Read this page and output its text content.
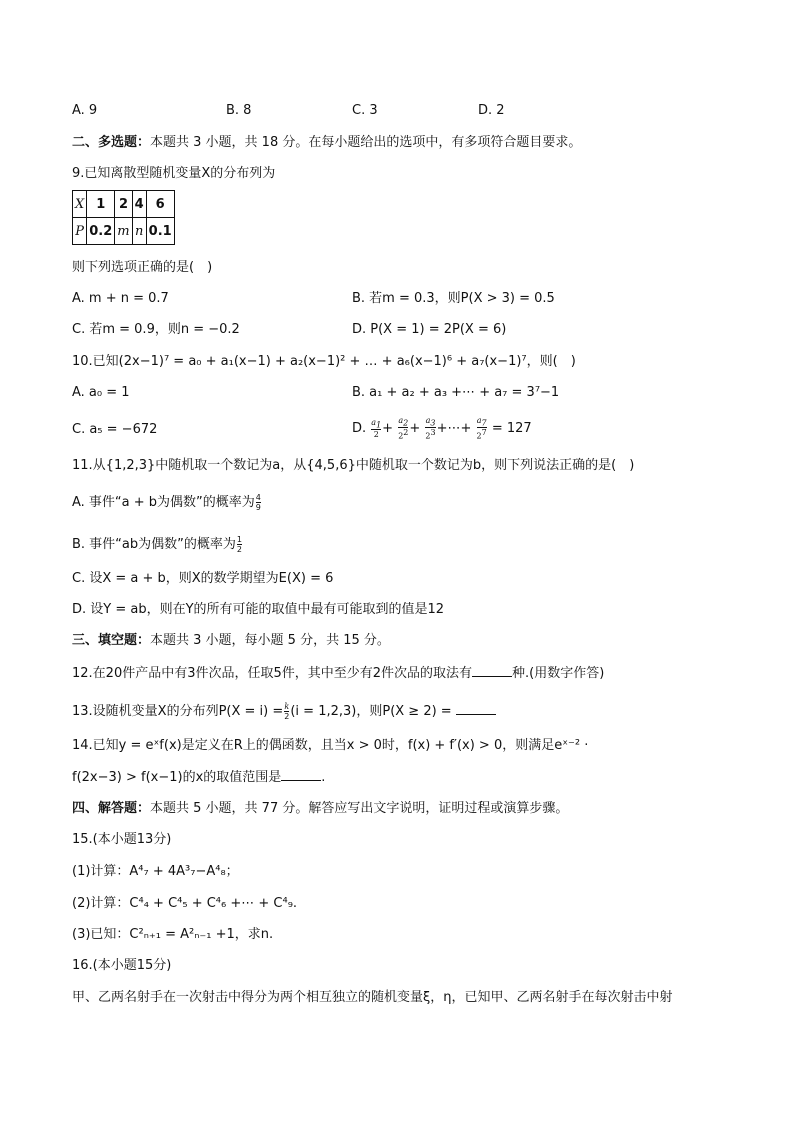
A. 9	B. 8	C. 3	D. 2
二、多选题：本题共 3 小题，共 18 分。在每小题给出的选项中，有多项符合题目要求。
9.已知离散型随机变量X的分布列为
X	1	2	4	6
P	0.2	m	n	0.1
则下列选项正确的是(　)
A. m + n = 0.7	B. 若m = 0.3，则P(X > 3) = 0.5
C. 若m = 0.9，则n = −0.2	D. P(X = 1) = 2P(X = 6)
10.已知(2x−1)⁷ = a₀ + a₁(x−1) + a₂(x−1)² + … + a₆(x−1)⁶ + a₇(x−1)⁷，则(　)
A. a₀ = 1	B. a₁ + a₂ + a₃ +⋯ + a₇ = 3⁷−1
C. a₅ = −672	D. $\frac{a_1}{2} + \frac{a_2}{2^2} + \frac{a_3}{2^3}$ +⋯+ $\frac{a_7}{2^7} = 127$
11.从{1,2,3}中随机取一个数记为a，从{4,5,6}中随机取一个数记为b，则下列说法正确的是(　)
A. 事件“a + b为偶数”的概率为 $\frac{4}{9}$
B. 事件“ab为偶数”的概率为 $\frac{1}{2}$
C. 设X = a + b，则X的数学期望为E(X) = 6
D. 设Y = ab，则在Y的所有可能的取值中最有可能取到的值是12
三、填空题：本题共 3 小题，每小题 5 分，共 15 分。
12.在20件产品中有3件次品，任取5件，其中至少有2件次品的取法有	种.(用数字作答)
13.设随机变量X的分布列$P(X = i) = \frac{k}{2} (i = 1,2,3)$，则P(X ≥ 2) =
14.已知y = eˣf(x)是定义在R上的偶函数，且当x > 0时，f(x) + f′(x) > 0，则满足eˣ⁻² ·
f(2x−3) > f(x−1)的x的取值范围是	.
四、解答题：本题共 5 小题，共 77 分。解答应写出文字说明，证明过程或演算步骤。
15.(本小题13分)
(1)计算：A⁴₇ + 4A³₇−A⁴₈；
(2)计算：C⁴₄ + C⁴₅ + C⁴₆ +⋯ + C⁴₉.
(3)已知：C²ₙ₊₁ = A²ₙ₋₁ +1，求n.
16.(本小题15分)
甲、乙两名射手在一次射击中得分为两个相互独立的随机变量ξ，η，已知甲、乙两名射手在每次射击中射
